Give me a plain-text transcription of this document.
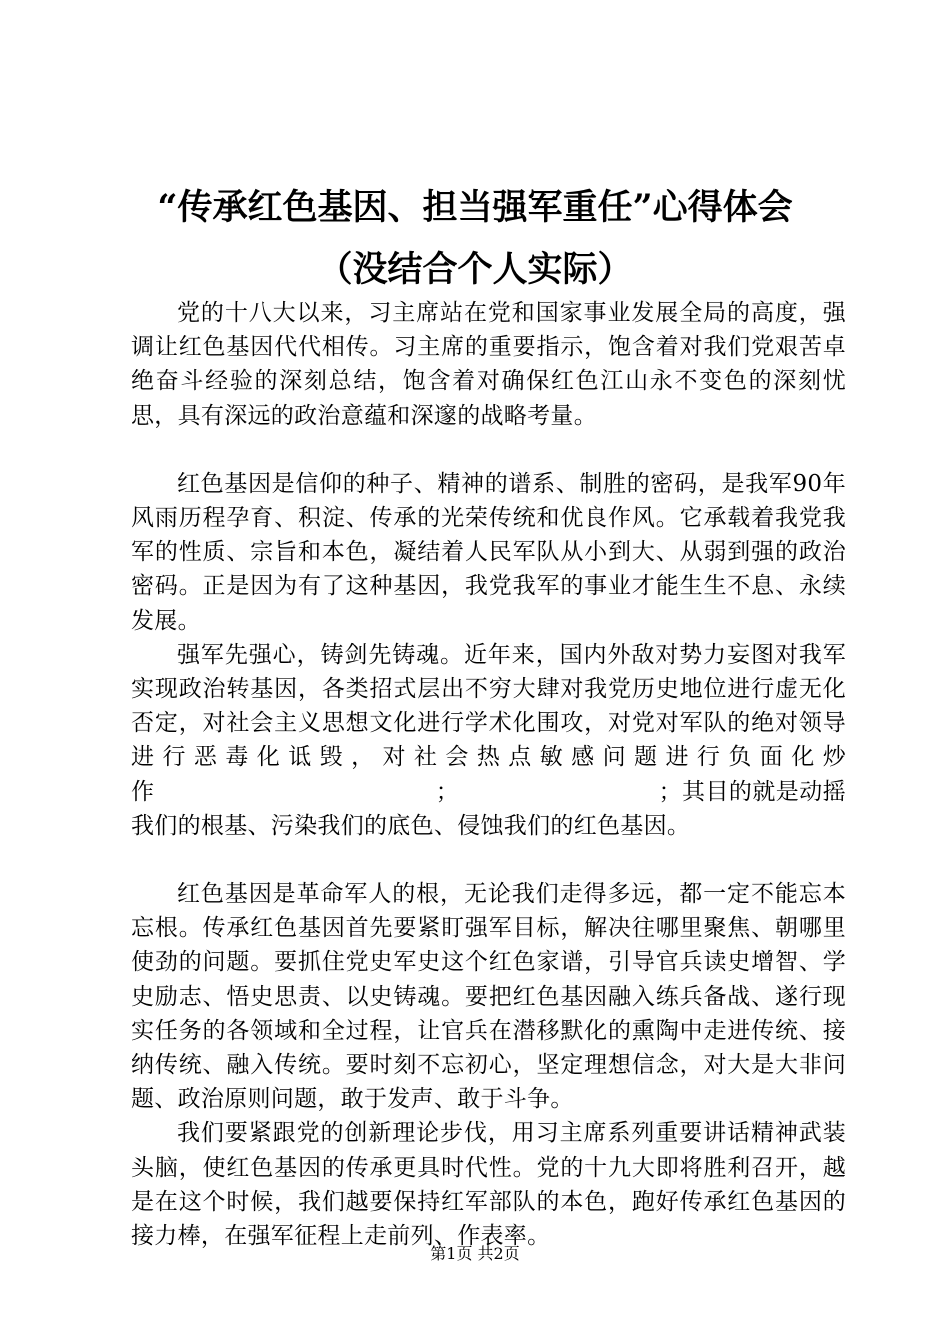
“传承红色基因、担当强军重任”心得体会
（没结合个人实际）

党的十八大以来，习主席站在党和国家事业发展全局的高度，强调让红色基因代代相传。习主席的重要指示，饱含着对我们党艰苦卓绝奋斗经验的深刻总结，饱含着对确保红色江山永不变色的深刻忧思，具有深远的政治意蕴和深邃的战略考量。

红色基因是信仰的种子、精神的谱系、制胜的密码，是我军90年风雨历程孕育、积淀、传承的光荣传统和优良作风。它承载着我党我军的性质、宗旨和本色，凝结着人民军队从小到大、从弱到强的政治密码。正是因为有了这种基因，我党我军的事业才能生生不息、永续发展。

强军先强心，铸剑先铸魂。近年来，国内外敌对势力妄图对我军实现政治转基因，各类招式层出不穷大肆对我党历史地位进行虚无化否定，对社会主义思想文化进行学术化围攻，对党对军队的绝对领导进行恶毒化诋毁，对社会热点敏感问题进行负面化炒作　　　　　　　　　　　　；　　　　　　　　　；其目的就是动摇我们的根基、污染我们的底色、侵蚀我们的红色基因。

红色基因是革命军人的根，无论我们走得多远，都一定不能忘本忘根。传承红色基因首先要紧盯强军目标，解决往哪里聚焦、朝哪里使劲的问题。要抓住党史军史这个红色家谱，引导官兵读史增智、学史励志、悟史思责、以史铸魂。要把红色基因融入练兵备战、遂行现实任务的各领域和全过程，让官兵在潜移默化的熏陶中走进传统、接纳传统、融入传统。要时刻不忘初心，坚定理想信念，对大是大非问题、政治原则问题，敢于发声、敢于斗争。

我们要紧跟党的创新理论步伐，用习主席系列重要讲话精神武装头脑，使红色基因的传承更具时代性。党的十九大即将胜利召开，越是在这个时候，我们越要保持红军部队的本色，跑好传承红色基因的接力棒，在强军征程上走前列、作表率。

第1页 共2页
